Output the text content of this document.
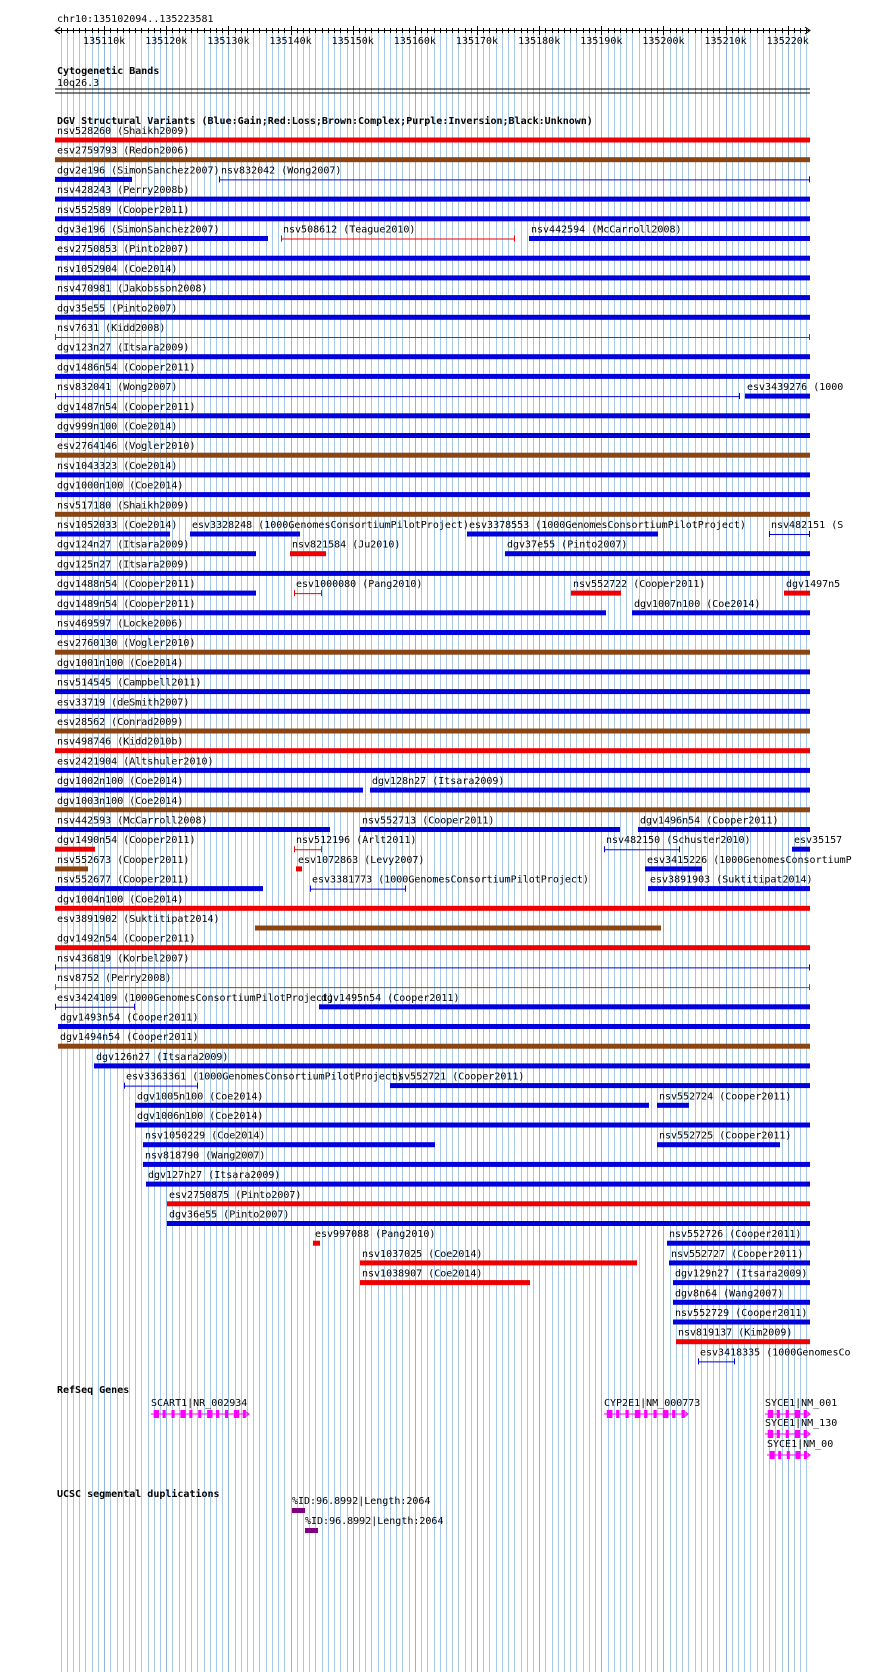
chr10:135102094..135223581
135110k 135120k 135130k 135140k 135150k 135160k 135170k 135180k 135190k 135200k 135210k 135220k
Cytogenetic Bands
10q26.3
DGV Structural Variants (Blue:Gain;Red:Loss;Brown:Complex;Purple:Inversion;Black:Unknown)
nsv528260 (Shaikh2009)
esv2759793 (Redon2006)
dgv2e196 (SimonSanchez2007) nsv832042 (Wong2007)
nsv428243 (Perry2008b)
nsv552589 (Cooper2011)
dgv3e196 (SimonSanchez2007)	nsv508612 (Teague2010)	nsv442594 (McCarroll2008)
esv2750853 (Pinto2007)
nsv1052904 (Coe2014)
nsv470981 (Jakobsson2008)
dgv35e55 (Pinto2007)
nsv7631 (Kidd2008)
dgv123n27 (Itsara2009)
dgv1486n54 (Cooper2011)
nsv832041 (Wong2007)	esv3439276 (1000
dgv1487n54 (Cooper2011)
dgv999n100 (Coe2014)
esv2764146 (Vogler2010)
nsv1043323 (Coe2014)
dgv1000n100 (Coe2014)
nsv517180 (Shaikh2009)
nsv1052033 (Coe2014) esv3328248 (1000GenomesConsortiumPilotProject) esv3378553 (1000GenomesConsortiumPilotProject)	nsv482151 (S
dgv124n27 (Itsara2009)	nsv821584 (Ju2010)	dgv37e55 (Pinto2007)
dgv125n27 (Itsara2009)
dgv1488n54 (Cooper2011)	esv1000080 (Pang2010)	nsv552722 (Cooper2011)	dgv1497n5
dgv1489n54 (Cooper2011)	dgv1007n100 (Coe2014)
nsv469597 (Locke2006)
esv2760130 (Vogler2010)
dgv1001n100 (Coe2014)
nsv514545 (Campbell2011)
esv33719 (deSmith2007)
esv28562 (Conrad2009)
nsv498746 (Kidd2010b)
esv2421904 (Altshuler2010)
dgv1002n100 (Coe2014)	dgv128n27 (Itsara2009)
dgv1003n100 (Coe2014)
nsv442593 (McCarroll2008)	nsv552713 (Cooper2011)	dgv1496n54 (Cooper2011)
dgv1490n54 (Cooper2011)	nsv512196 (Arlt2011)	nsv482150 (Schuster2010)	esv35157
nsv552673 (Cooper2011)	esv1072863 (Levy2007)	esv3415226 (1000GenomesConsortiumP
nsv552677 (Cooper2011)	esv3381773 (1000GenomesConsortiumPilotProject)	esv3891903 (Suktitipat2014)
dgv1004n100 (Coe2014)
esv3891902 (Suktitipat2014)
dgv1492n54 (Cooper2011)
nsv436819 (Korbel2007)
nsv8752 (Perry2008)
esv3424109 (1000GenomesConsortiumPilotProject)
dgv1495n54 (Cooper2011)
dgv1493n54 (Cooper2011)
dgv1494n54 (Cooper2011)
dgv126n27 (Itsara2009)
esv3363361 (1000GenomesConsortiumPilotProject)
nsv552721 (Cooper2011)
dgv1005n100 (Coe2014)	nsv552724 (Cooper2011)
dgv1006n100 (Coe2014)
nsv1050229 (Coe2014)	nsv552725 (Cooper2011)
nsv818790 (Wang2007)
dgv127n27 (Itsara2009)
esv2750875 (Pinto2007)
dgv36e55 (Pinto2007)
esv997088 (Pang2010)	nsv552726 (Cooper2011)
nsv1037025 (Coe2014)	nsv552727 (Cooper2011)
nsv1038907 (Coe2014)	dgv129n27 (Itsara2009)
dgv8n64 (Wang2007)
nsv552729 (Cooper2011)
nsv819137 (Kim2009)
esv3418335 (1000GenomesCo
RefSeq Genes
SCART1|NR_002934	CYP2E1|NM_000773	SYCE1|NM_001
SYCE1|NM_130
SYCE1|NM_00
UCSC segmental duplications
%ID:96.8992|Length:2064
%ID:96.8992|Length:2064
